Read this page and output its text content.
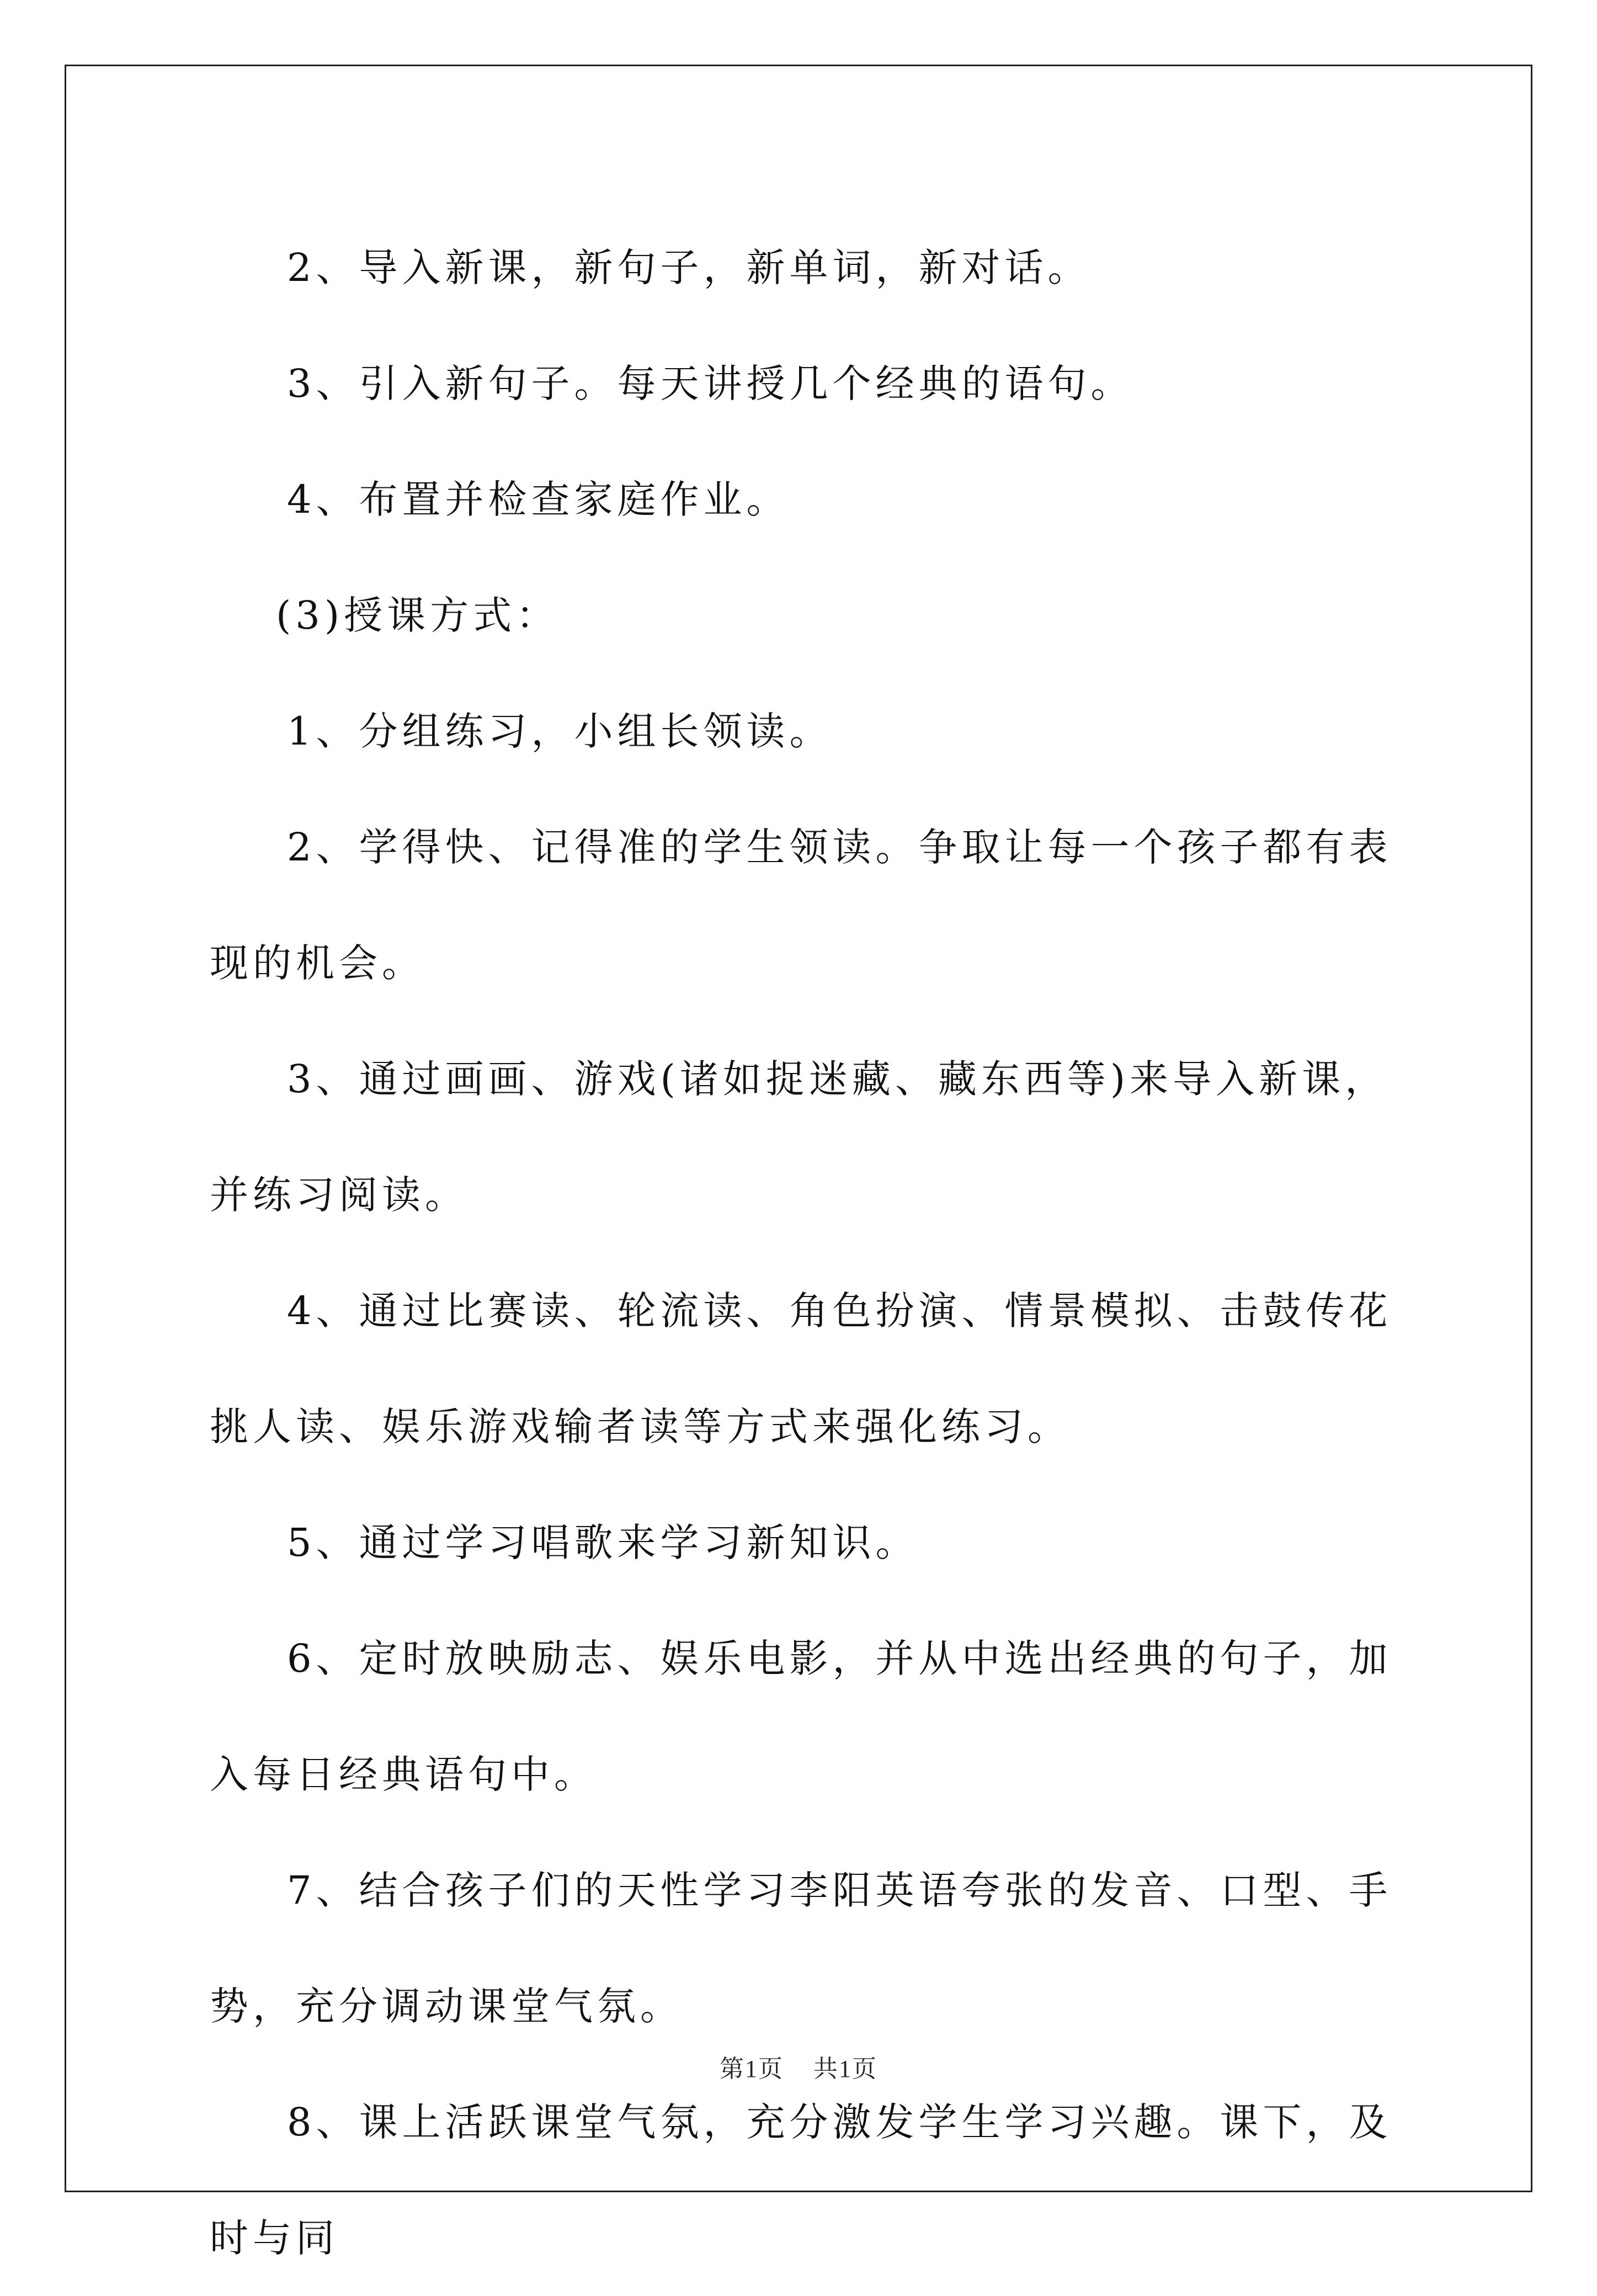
2、导入新课，新句子，新单词，新对话。

3、引入新句子。每天讲授几个经典的语句。

4、布置并检查家庭作业。

(3)授课方式：

1、分组练习，小组长领读。

2、学得快、记得准的学生领读。争取让每一个孩子都有表现的机会。

3、通过画画、游戏(诸如捉迷藏、藏东西等)来导入新课，并练习阅读。

4、通过比赛读、轮流读、角色扮演、情景模拟、击鼓传花挑人读、娱乐游戏输者读等方式来强化练习。

5、通过学习唱歌来学习新知识。

6、定时放映励志、娱乐电影，并从中选出经典的句子，加入每日经典语句中。

7、结合孩子们的天性学习李阳英语夸张的发音、口型、手势，充分调动课堂气氛。

8、课上活跃课堂气氛，充分激发学生学习兴趣。课下，及时与同

第1页 共1页
